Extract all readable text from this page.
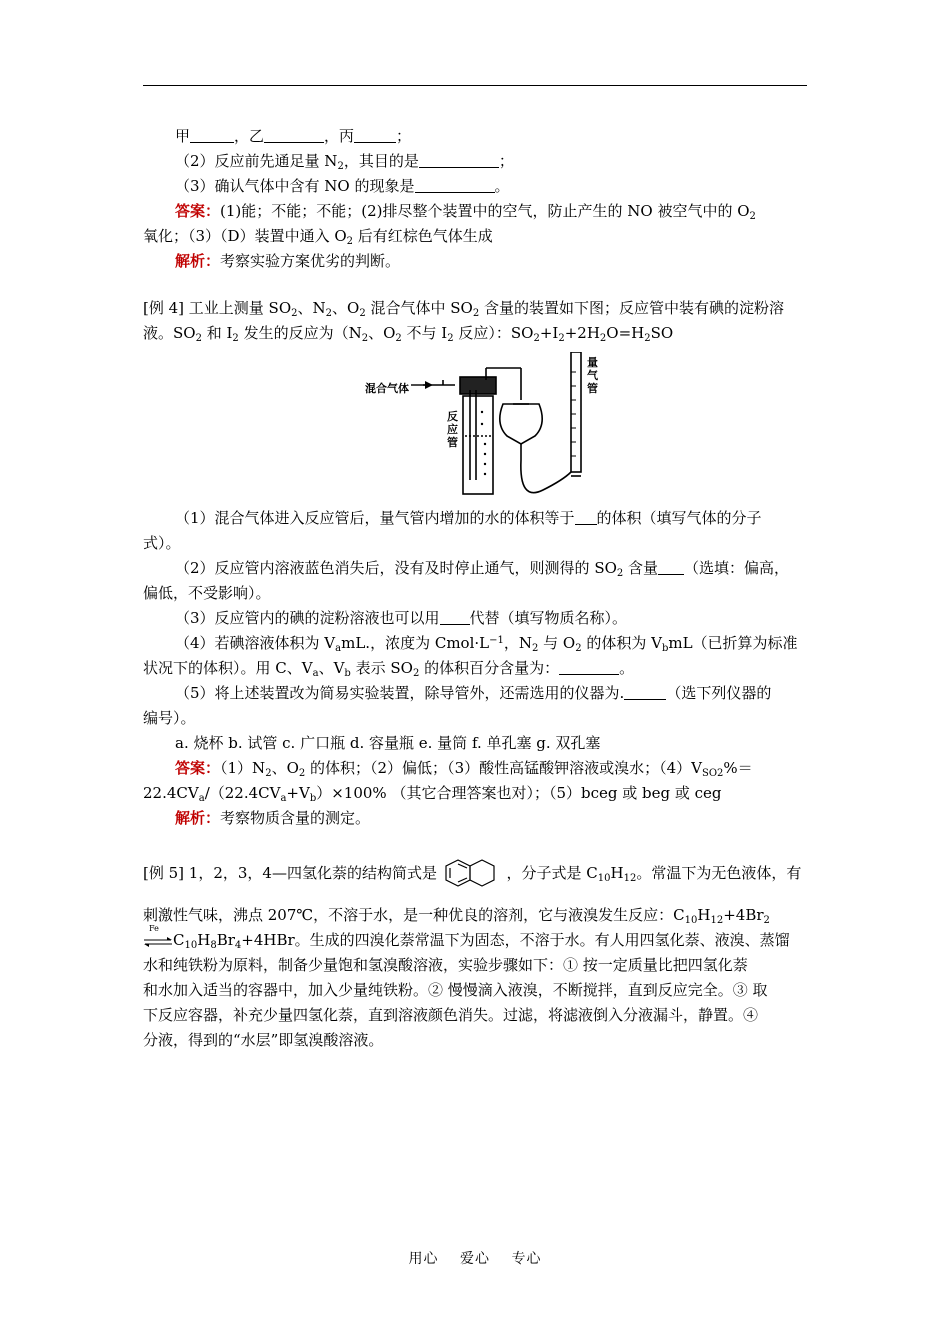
甲	，乙	，丙	；
（2）反应前先通足量 $N_2$，其目的是	；
（3）确认气体中含有 NO 的现象是	。
答案：(1)能；不能；不能；(2)排尽整个装置中的空气，防止产生的 NO 被空气中的 $O_2$
氧化；（3）（D）装置中通入 $O_2$ 后有红棕色气体生成
解析：考察实验方案优劣的判断。
[例 4] 工业上测量 $SO_2$、$N_2$、$O_2$ 混合气体中 $SO_2$ 含量的装置如下图；反应管中装有碘的淀粉溶
液。$SO_2$ 和 $I_2$ 发生的反应为（$N_2$、$O_2$ 不与 $I_2$ 反应）：$SO_2+I_2+2H_2O=H_2SO$
混合气体
反应管
量气管
（1）混合气体进入反应管后，量气管内增加的水的体积等于 的体积（填写气体的分子
式）。
（2）反应管内溶液蓝色消失后，没有及时停止通气，则测得的 $SO_2$ 含量 （选填：偏高，
偏低，不受影响）。
（3）反应管内的碘的淀粉溶液也可以用 代替（填写物质名称）。
（4）若碘溶液体积为 $V_amL$.，浓度为 $Cmol\cdot L^{-1}$，$N_2$ 与 $O_2$ 的体积为 $V_bmL$（已折算为标准
状况下的体积）。用 C、$V_a$、$V_b$ 表示 $SO_2$ 的体积百分含量为：	。
（5）将上述装置改为简易实验装置，除导管外，还需选用的仪器为.	（选下列仪器的
编号）。
a. 烧杯 b. 试管 c. 广口瓶 d. 容量瓶 e. 量筒 f. 单孔塞 g. 双孔塞
答案：$(1)N_2$、$O_2$ 的体积；（2）偏低；（3）酸性高锰酸钾溶液或溴水；$(4)V_{SO2}\%=$
$22.4CV_a/(22.4CV_a+V_b)\times 100\%$ （其它合理答案也对）；（5）bceg 或 beg 或 ceg
解析：考察物质含量的测定。
[例 5] 1，2，3，4—四氢化萘的结构简式是	，分子式是 $C_{10}H_{12}$。常温下为无色液体，有
刺激性气味，沸点 207℃，不溶于水，是一种优良的溶剂，它与液溴发生反应：$C_{10}H_{12}+4Br_2$
Fe
$C_{10}H_8Br_4+4HBr$。生成的四溴化萘常温下为固态，不溶于水。有人用四氢化萘、液溴、蒸馏
水和纯铁粉为原料，制备少量饱和氢溴酸溶液，实验步骤如下：① 按一定质量比把四氢化萘
和水加入适当的容器中，加入少量纯铁粉。② 慢慢滴入液溴，不断搅拌，直到反应完全。③ 取
下反应容器，补充少量四氢化萘，直到溶液颜色消失。过滤，将滤液倒入分液漏斗，静置。④
分液，得到的“水层”即氢溴酸溶液。
用心 爱心 专心
